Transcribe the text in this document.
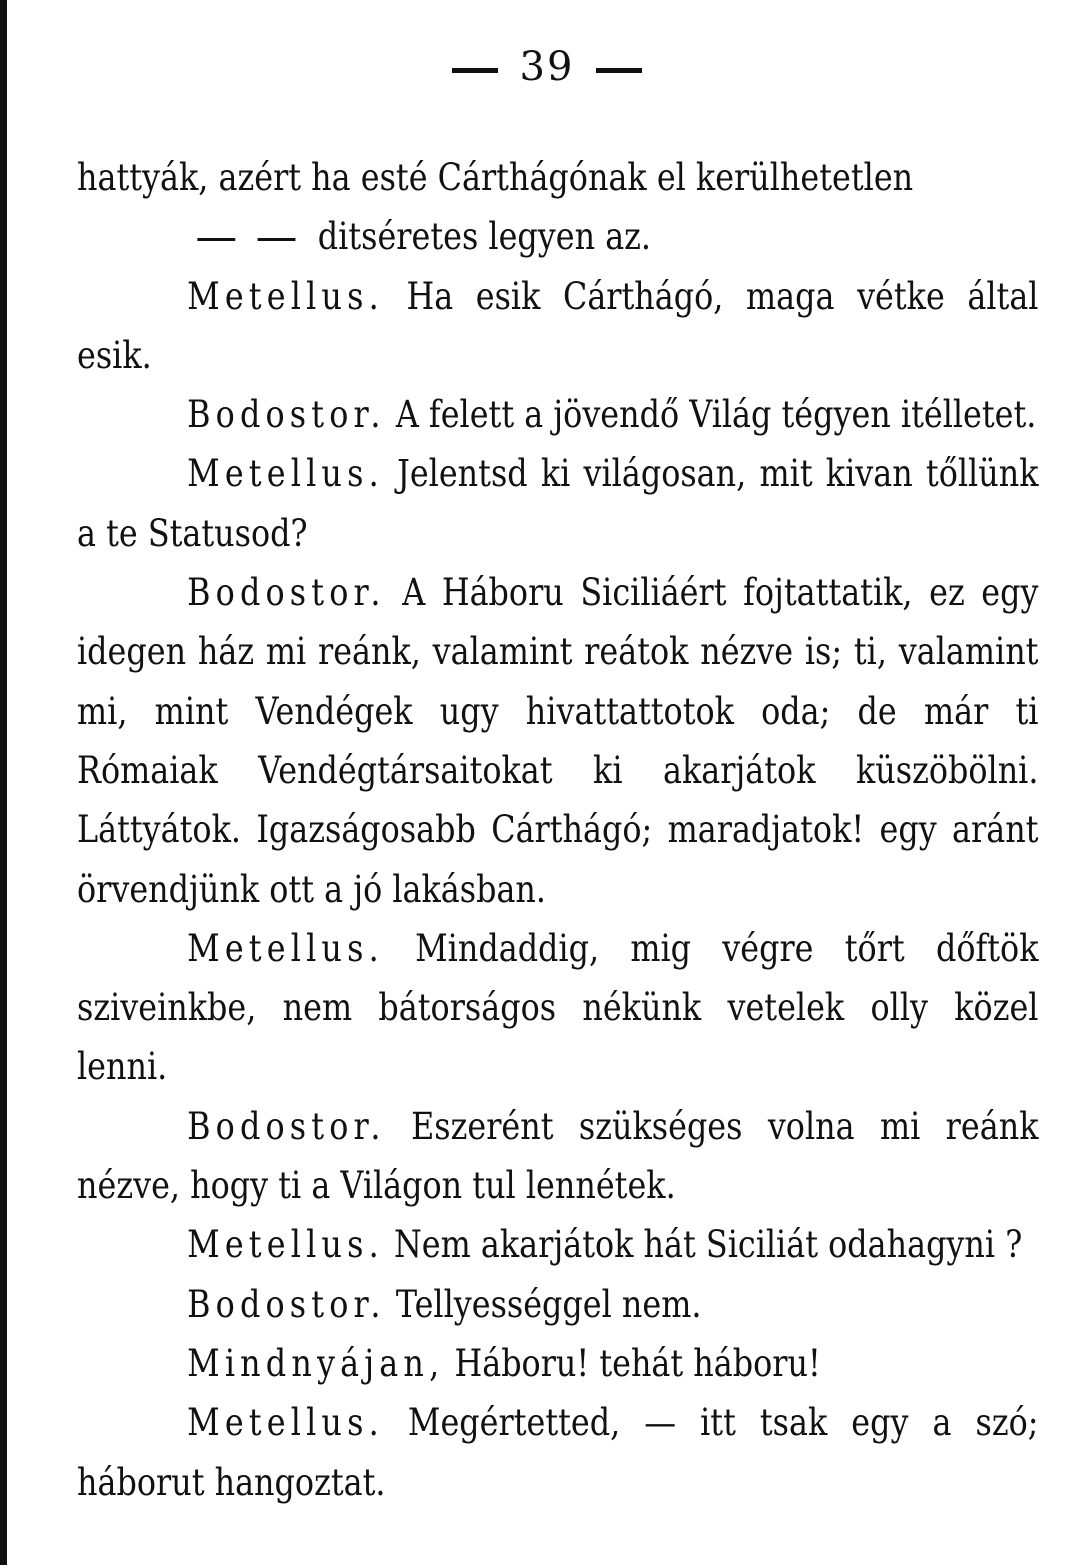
39

hattyák, azért ha esté Cárthágónak el kerülhetetlen

ditséretes legyen az.

Metellus. Ha esik Cárthágó, maga vétke által esik.

Bodostor. A felett a jövendő Világ tégyen itélletet.

Metellus. Jelentsd ki világosan, mit kivan tőllünk a te Statusod?

Bodostor. A Háboru Siciliáért fojtattatik, ez egy idegen ház mi reánk, valamint reátok nézve is; ti, valamint mi, mint Vendégek ugy hivattattotok oda; de már ti Rómaiak Vendégtársaitokat ki akarjátok küszöbölni. Láttyátok. Igazságosabb Cárthágó; maradjatok! egy aránt örvendjünk ott a jó lakásban.

Metellus. Mindaddig, mig végre tőrt dőftök sziveinkbe, nem bátorságos nékünk vetelek olly közel lenni.

Bodostor. Eszerént szükséges volna mi reánk nézve, hogy ti a Világon tul lennétek.

Metellus. Nem akarjátok hát Siciliát odahagyni ?

Bodostor. Tellyességgel nem.

Mindnyájan, Háboru! tehát háboru!

Metellus. Megértetted, — itt tsak egy a szó; háborut hangoztat.
